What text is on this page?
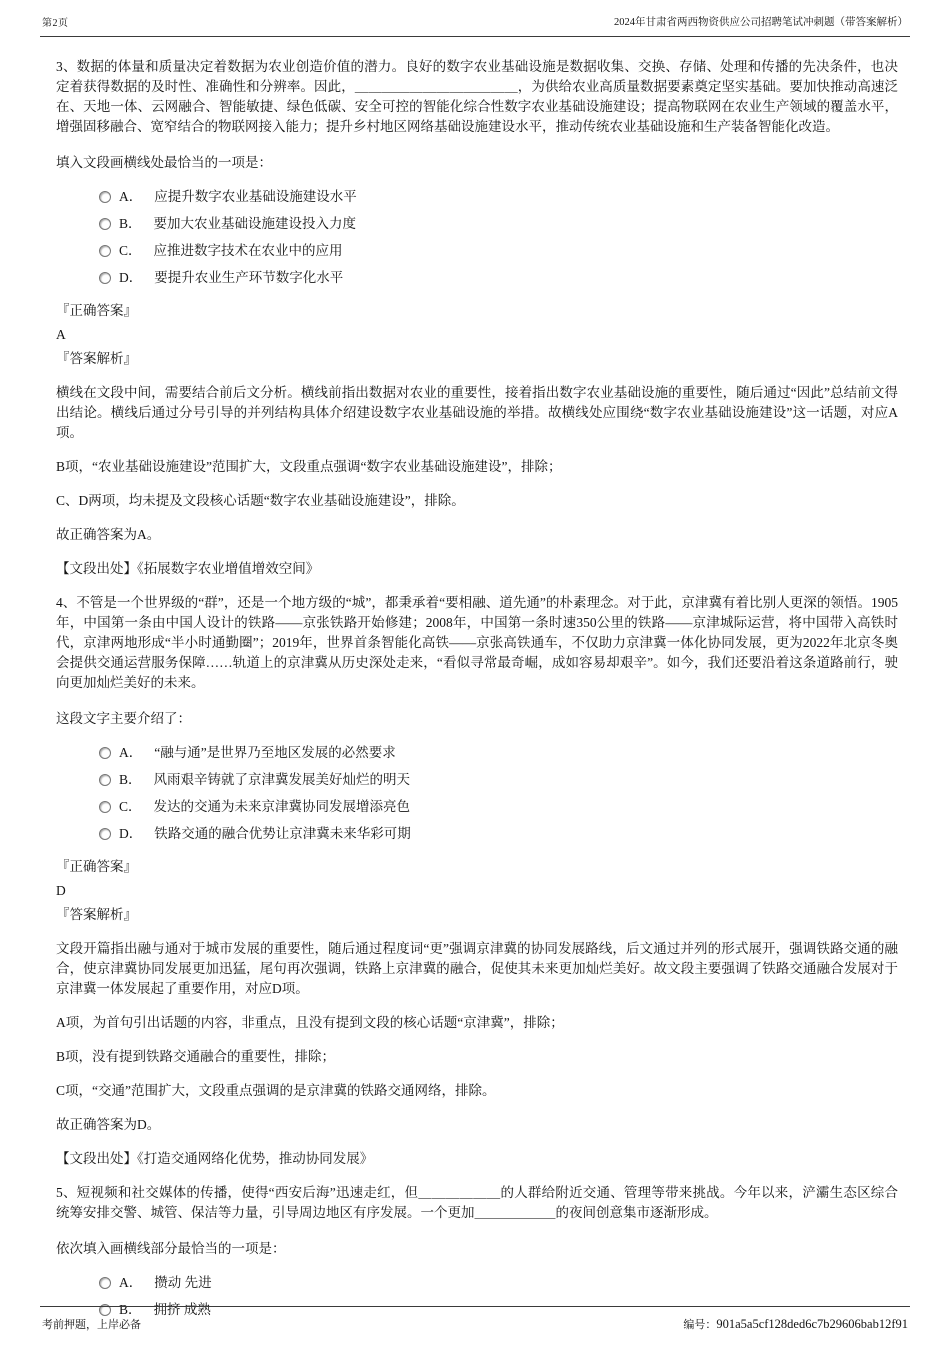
第2页	2024年甘肃省两西物资供应公司招聘笔试冲刺题（带答案解析）

3、数据的体量和质量决定着数据为农业创造价值的潜力。良好的数字农业基础设施是数据收集、交换、存储、处理和传播的先决条件，也决定着获得数据的及时性、准确性和分辨率。因此，＿＿＿＿＿＿＿＿＿＿＿＿，为供给农业高质量数据要素奠定坚实基础。要加快推动高速泛在、天地一体、云网融合、智能敏捷、绿色低碳、安全可控的智能化综合性数字农业基础设施建设；提高物联网在农业生产领域的覆盖水平，增强固移融合、宽窄结合的物联网接入能力；提升乡村地区网络基础设施建设水平，推动传统农业基础设施和生产装备智能化改造。

填入文段画横线处最恰当的一项是：

A． 应提升数字农业基础设施建设水平
B． 要加大农业基础设施建设投入力度
C． 应推进数字技术在农业中的应用
D． 要提升农业生产环节数字化水平

『正确答案』

A

『答案解析』

横线在文段中间，需要结合前后文分析。横线前指出数据对农业的重要性，接着指出数字农业基础设施的重要性，随后通过“因此”总结前文得出结论。横线后通过分号引导的并列结构具体介绍建设数字农业基础设施的举措。故横线处应围绕“数字农业基础设施建设”这一话题，对应A项。

B项，“农业基础设施建设”范围扩大，文段重点强调“数字农业基础设施建设”，排除；

C、D两项，均未提及文段核心话题“数字农业基础设施建设”，排除。

故正确答案为A。

【文段出处】《拓展数字农业增值增效空间》

4、不管是一个世界级的“群”，还是一个地方级的“城”，都秉承着“要相融、道先通”的朴素理念。对于此，京津冀有着比别人更深的领悟。1905年，中国第一条由中国人设计的铁路——京张铁路开始修建；2008年，中国第一条时速350公里的铁路——京津城际运营，将中国带入高铁时代，京津两地形成“半小时通勤圈”；2019年，世界首条智能化高铁——京张高铁通车，不仅助力京津冀一体化协同发展，更为2022年北京冬奥会提供交通运营服务保障……轨道上的京津冀从历史深处走来，“看似寻常最奇崛，成如容易却艰辛”。如今，我们还要沿着这条道路前行，驶向更加灿烂美好的未来。

这段文字主要介绍了：

A． “融与通”是世界乃至地区发展的必然要求
B． 风雨艰辛铸就了京津冀发展美好灿烂的明天
C． 发达的交通为未来京津冀协同发展增添亮色
D． 铁路交通的融合优势让京津冀未来华彩可期

『正确答案』

D

『答案解析』

文段开篇指出融与通对于城市发展的重要性，随后通过程度词“更”强调京津冀的协同发展路线，后文通过并列的形式展开，强调铁路交通的融合，使京津冀协同发展更加迅猛，尾句再次强调，铁路上京津冀的融合，促使其未来更加灿烂美好。故文段主要强调了铁路交通融合发展对于京津冀一体发展起了重要作用，对应D项。

A项，为首句引出话题的内容，非重点，且没有提到文段的核心话题“京津冀”，排除；

B项，没有提到铁路交通融合的重要性，排除；

C项，“交通”范围扩大，文段重点强调的是京津冀的铁路交通网络，排除。

故正确答案为D。

【文段出处】《打造交通网络化优势，推动协同发展》

5、短视频和社交媒体的传播，使得“西安后海”迅速走红，但＿＿＿＿＿＿的人群给附近交通、管理等带来挑战。今年以来，浐灞生态区综合统筹安排交警、城管、保洁等力量，引导周边地区有序发展。一个更加＿＿＿＿＿＿的夜间创意集市逐渐形成。

依次填入画横线部分最恰当的一项是：

A． 攒动 先进
B． 拥挤 成熟
考前押题，上岸必备	编号：901a5a5cf128ded6c7b29606bab12f91
